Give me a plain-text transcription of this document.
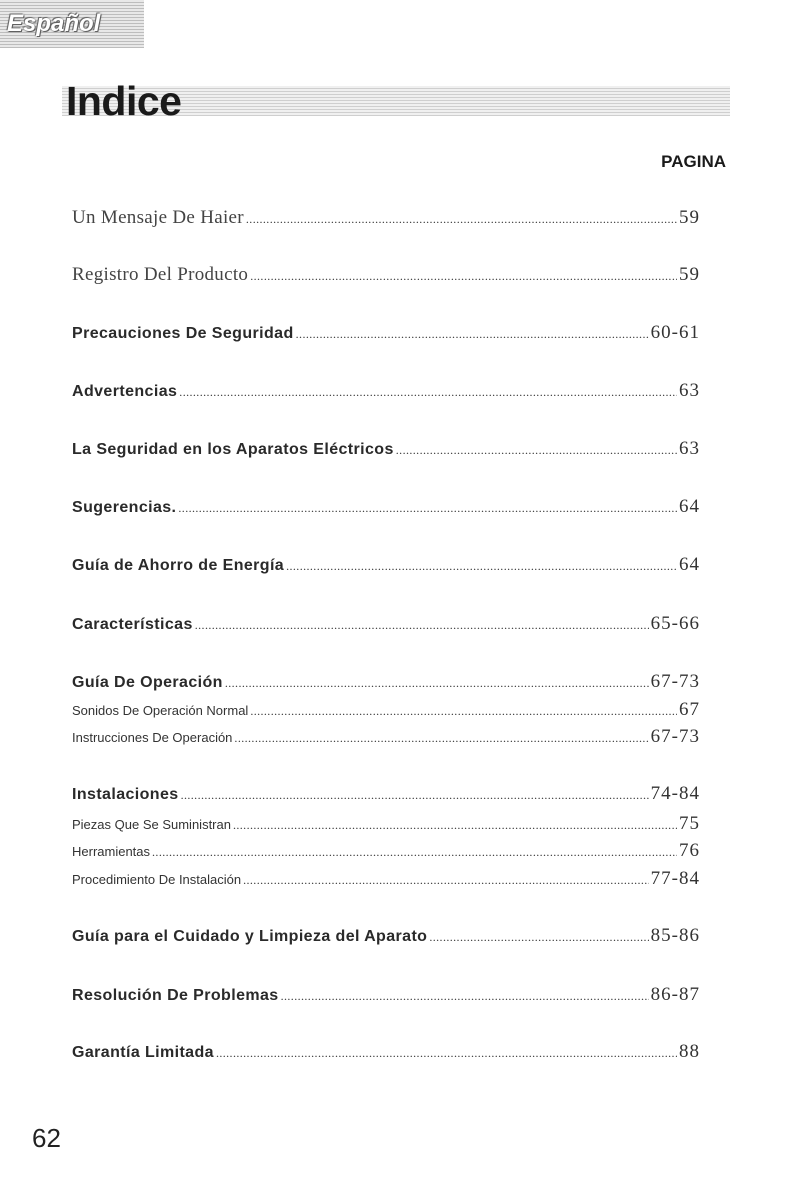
Español
Indice
PAGINA
Un Mensaje De Haier .....	59
Registro Del Producto .....	59
Precauciones De Seguridad .....	60-61
Advertencias .....	63
La Seguridad en los Aparatos Eléctricos .....	63
Sugerencias. .....	64
Guía de Ahorro de Energía .....	64
Características .....	65-66
Guía De Operación .....	67-73
Sonidos De Operación Normal .....	67
Instrucciones De Operación .....	67-73
Instalaciones .....	74-84
Piezas Que Se Suministran .....	75
Herramientas .....	76
Procedimiento De Instalación .....	77-84
Guía para el Cuidado y Limpieza del Aparato .....	85-86
Resolución De Problemas .....	86-87
Garantía Limitada .....	88
62
